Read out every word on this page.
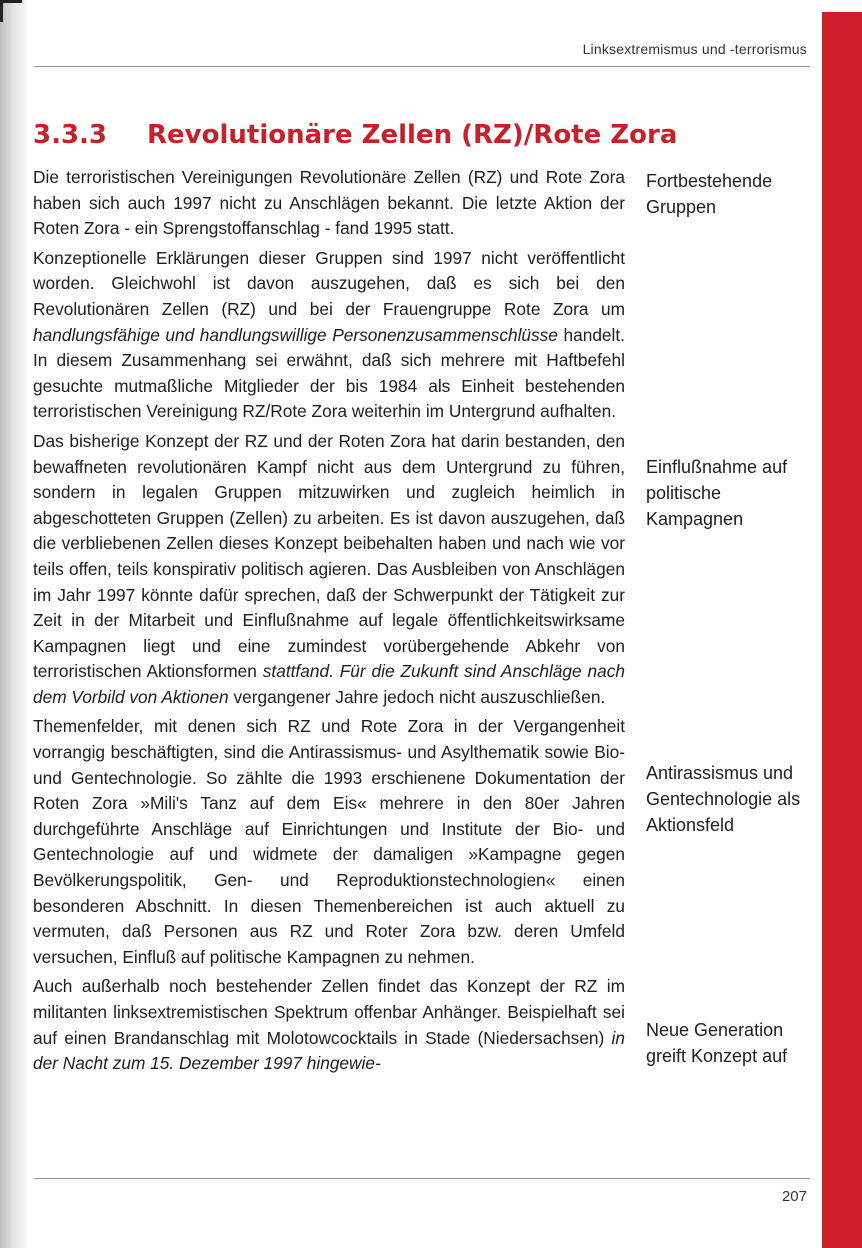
Linksextremismus und -terrorismus
3.3.3 Revolutionäre Zellen (RZ)/Rote Zora

Die terroristischen Vereinigungen Revolutionäre Zellen (RZ) und Rote Zora haben sich auch 1997 nicht zu Anschlägen bekannt. Die letzte Aktion der Roten Zora - ein Sprengstoffanschlag - fand 1995 statt.

Konzeptionelle Erklärungen dieser Gruppen sind 1997 nicht veröffentlicht worden. Gleichwohl ist davon auszugehen, daß es sich bei den Revolutionären Zellen (RZ) und bei der Frauengruppe Rote Zora um handlungsfähige und handlungswillige Personenzusammenschlüsse handelt. In diesem Zusammenhang sei erwähnt, daß sich mehrere mit Haftbefehl gesuchte mutmaßliche Mitglieder der bis 1984 als Einheit bestehenden terroristischen Vereinigung RZ/Rote Zora weiterhin im Untergrund aufhalten.

Das bisherige Konzept der RZ und der Roten Zora hat darin bestanden, den bewaffneten revolutionären Kampf nicht aus dem Untergrund zu führen, sondern in legalen Gruppen mitzuwirken und zugleich heimlich in abgeschotteten Gruppen (Zellen) zu arbeiten. Es ist davon auszugehen, daß die verbliebenen Zellen dieses Konzept beibehalten haben und nach wie vor teils offen, teils konspirativ politisch agieren. Das Ausbleiben von Anschlägen im Jahr 1997 könnte dafür sprechen, daß der Schwerpunkt der Tätigkeit zur Zeit in der Mitarbeit und Einflußnahme auf legale öffentlichkeitswirksame Kampagnen liegt und eine zumindest vorübergehende Abkehr von terroristischen Aktionsformen stattfand. Für die Zukunft sind Anschläge nach dem Vorbild von Aktionen vergangener Jahre jedoch nicht auszuschließen.

Themenfelder, mit denen sich RZ und Rote Zora in der Vergangenheit vorrangig beschäftigten, sind die Antirassismus- und Asylthematik sowie Bio- und Gentechnologie. So zählte die 1993 erschienene Dokumentation der Roten Zora »Mili's Tanz auf dem Eis« mehrere in den 80er Jahren durchgeführte Anschläge auf Einrichtungen und Institute der Bio- und Gentechnologie auf und widmete der damaligen »Kampagne gegen Bevölkerungspolitik, Gen- und Reproduktionstechnologien« einen besonderen Abschnitt. In diesen Themenbereichen ist auch aktuell zu vermuten, daß Personen aus RZ und Roter Zora bzw. deren Umfeld versuchen, Einfluß auf politische Kampagnen zu nehmen.

Auch außerhalb noch bestehender Zellen findet das Konzept der RZ im militanten linksextremistischen Spektrum offenbar Anhänger. Beispielhaft sei auf einen Brandanschlag mit Molotowcocktails in Stade (Niedersachsen) in der Nacht zum 15. Dezember 1997 hingewie-

Fortbestehende Gruppen
Einflußnahme auf politische Kampagnen
Antirassismus und Gentechnologie als Aktionsfeld
Neue Generation greift Konzept auf
207
